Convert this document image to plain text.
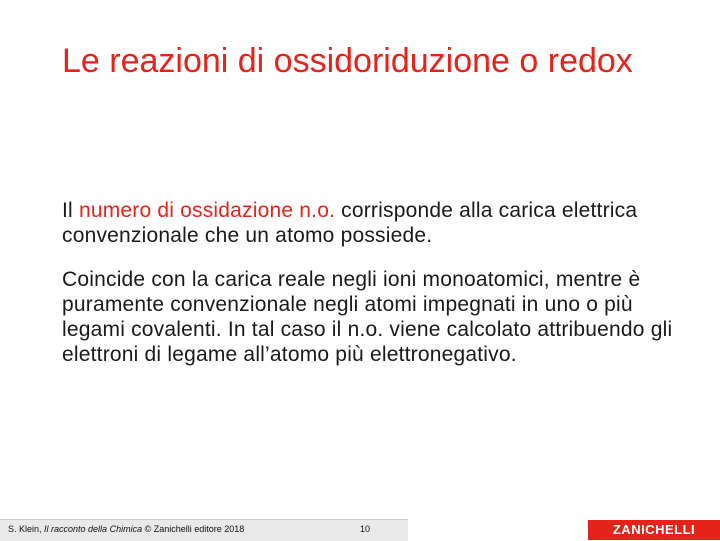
Le reazioni di ossidoriduzione o redox
Il numero di ossidazione n.o. corrisponde alla carica elettrica convenzionale che un atomo possiede.
Coincide con la carica reale negli ioni monoatomici, mentre è puramente convenzionale negli atomi impegnati in uno o più legami covalenti. In tal caso il n.o. viene calcolato attribuendo gli elettroni di legame all’atomo più elettronegativo.
S. Klein, Il racconto della Chimica © Zanichelli editore 2018	10	ZANICHELLI
